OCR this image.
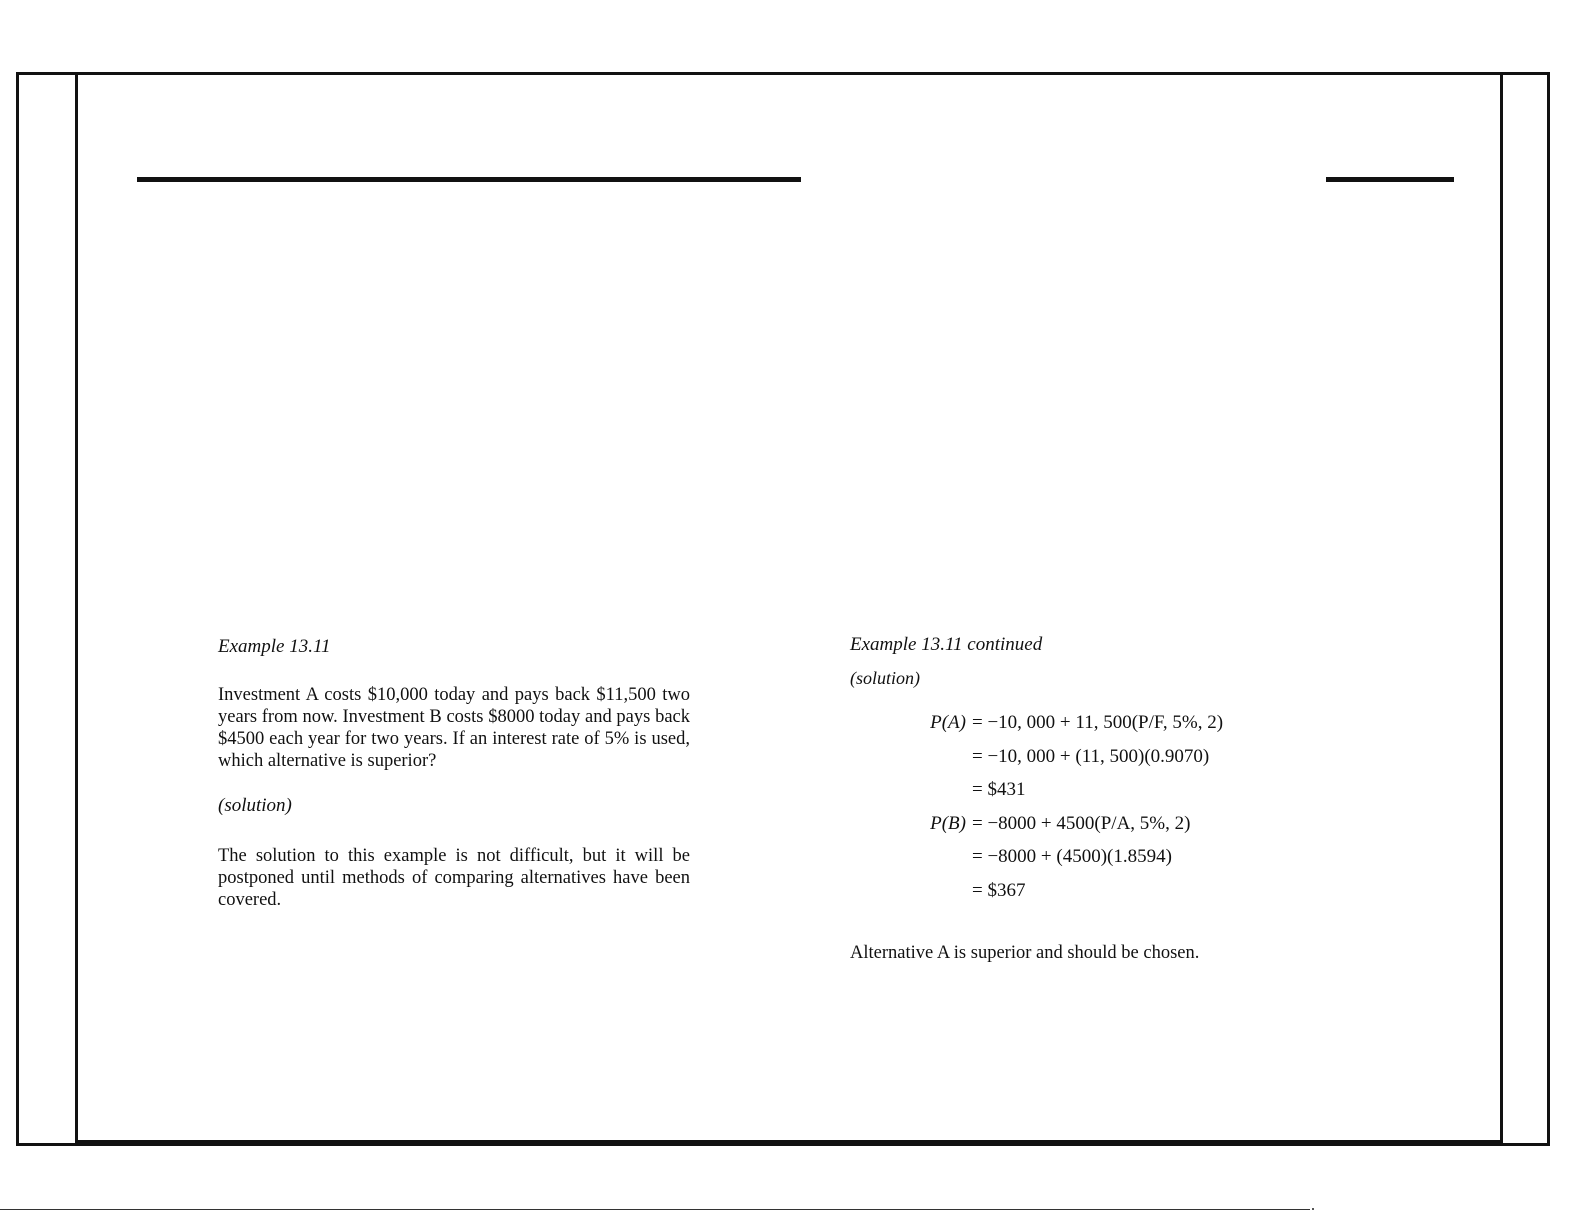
Example 13.11

Investment A costs $10,000 today and pays back $11,500 two years from now. Investment B costs $8000 today and pays back $4500 each year for two years. If an interest rate of 5% is used, which alternative is superior?

(solution)

The solution to this example is not difficult, but it will be postponed until methods of comparing alternatives have been covered.

Example 13.11 continued

(solution)

P(A) = −10, 000 + 11, 500(P/F, 5%, 2)
= −10, 000 + (11, 500)(0.9070)
= $431
P(B) = −8000 + 4500(P/A, 5%, 2)
= −8000 + (4500)(1.8594)
= $367

Alternative A is superior and should be chosen.
